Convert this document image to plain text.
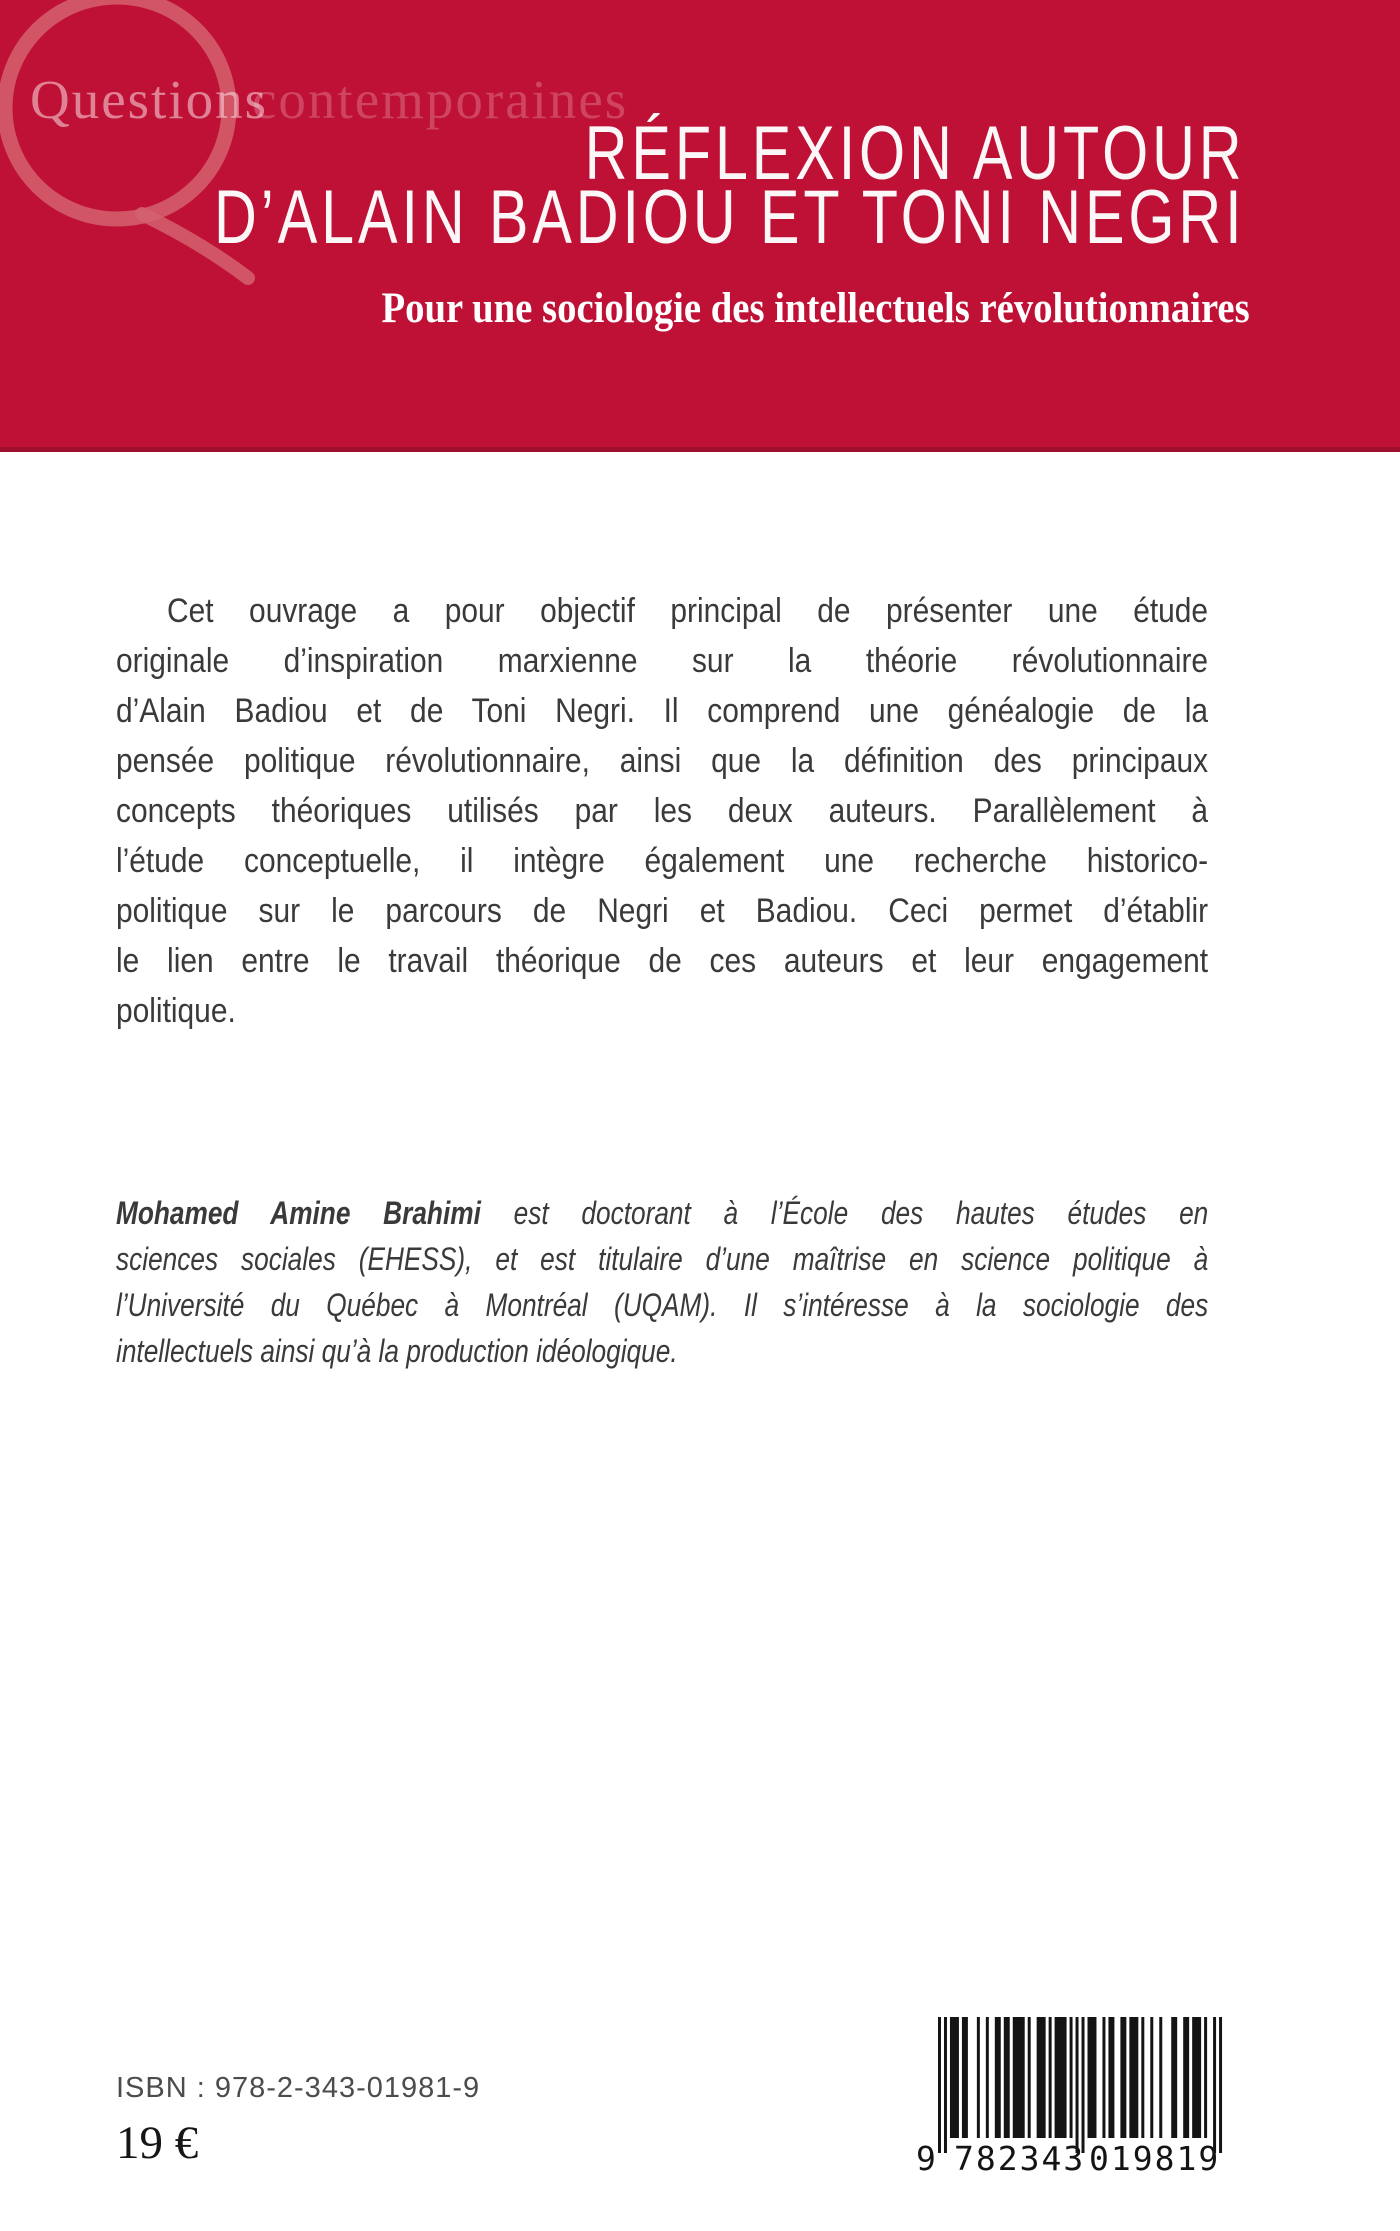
Questions
contemporaines
RÉFLEXION AUTOUR
D’ALAIN BADIOU ET TONI NEGRI
Pour une sociologie des intellectuels révolutionnaires
Cet ouvrage a pour objectif principal de présenter une étude
originale d’inspiration marxienne sur la théorie révolutionnaire
d’Alain Badiou et de Toni Negri. Il comprend une généalogie de la
pensée politique révolutionnaire, ainsi que la définition des principaux
concepts théoriques utilisés par les deux auteurs. Parallèlement à
l’étude conceptuelle, il intègre également une recherche historico-
politique sur le parcours de Negri et Badiou. Ceci permet d’établir
le lien entre le travail théorique de ces auteurs et leur engagement
politique.
Mohamed Amine Brahimi est doctorant à l’École des hautes études en
sciences sociales (EHESS), et est titulaire d’une maîtrise en science politique à
l’Université du Québec à Montréal (UQAM). Il s’intéresse à la sociologie des
intellectuels ainsi qu’à la production idéologique.
ISBN : 978-2-343-01981-9
19 €	9 782343 019819
